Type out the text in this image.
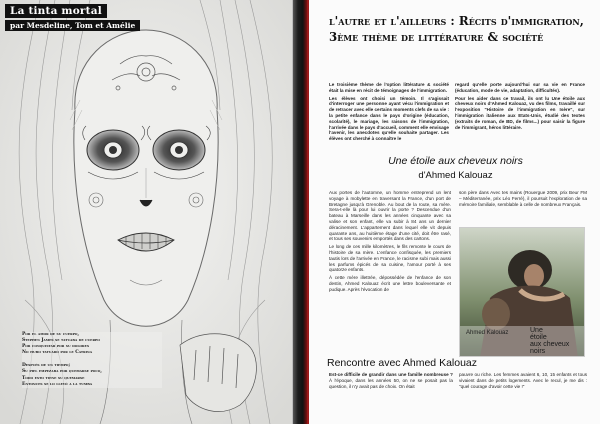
La tinta mortal
par Mesdeline, Tom et Amélie

Por el amor de su cuerpo,

Stephen James se tatuaba de cuerpo

Por conquistar por su dolores

No hubo tatuado por le Catrina

Después de un tiempo;

Su piel empezaba por quemarse poco,

Todo esto tiene su quemarse

Entonces se lo llevó a la tumba

l'autre et l'ailleurs : Récits d'immigration, 3ème thème de littérature & société

Le troisième thème de l'option littérature & société était la mise en récit de témoignages de l'immigration.

Les élèves ont choisi un témoin. Il s'agissait d'interroger une personne ayant vécu l'immigration et de retracer avec elle certains moments clefs de sa vie : la petite enfance dans le pays d'origine (éducation, scolarité), le mariage, les raisons de l'immigration, l'arrivée dans le pays d'accueil, comment elle envisage l'avenir, les anecdotes qu'elle souhaite partager. Les élèves ont cherché à connaître le

regard qu'elle porte aujourd'hui sur sa vie en France (éducation, mode de vie, adaptation, difficultés).

Pour les aider dans ce travail, ils ont lu Une étoile aux cheveux noirs d'Ahmed Kalouaz, vu des films, travaillé sur l'exposition "Histoire de l'immigration en Isère", sur l'immigration italienne aux Etats-Unis, étudié des textes (extraits de roman, de BD, de films...) pour saisir la figure de l'immigrant, héros littéraire.

Une étoile aux cheveux noirs
d'Ahmed Kalouaz

Aux portes de l'automne, un homme entreprend un lent voyage à mobylette en traversant la France, d'un port de Bretagne jusqu'à Grenoble. Au bout de la route, sa mère. Sera-t-elle là pour lui ouvrir la porte ? Descendue d'un bateau à Marseille dans les années cinquante avec sa valise et son enfant, elle va subir à 84 ans un dernier déracinement. L'appartement dans lequel elle vit depuis quarante ans, au huitième étage d'une cité, doit être rasé, et tous ses souvenirs emportés dans des cartons.

Le long de ces mille kilomètres, le fils remonte le cours de l'histoire de sa mère. L'enfance confisquée, les premiers tautis lors de l'arrivée en France, le racisme subi mais aussi les parfums épicés de sa cuisine, l'amour porté à ses quatorze enfants.

À cette mère illettrée, dépossédée de l'enfance de son destin, Ahmed Kalouaz écrit une lettre bouleversante et pudique. Après l'évocation de

son père dans Avec tes mains (Rouergue 2009, prix Beur FM – Méditerranée, prix Léo Ferré), il poursuit l'exploration de sa mémoire familiale, semblable à celle de nombreux Français.

Ahmed Kalouaz	Une
étoile
aux cheveux
noirs
Rencontre avec Ahmed Kalouaz

Est-ce difficile de grandir dans une famille nombreuse ? À l'époque, dans les années 50, on ne se posait pas la question, il n'y avait pas de choix. On était

pauvre ou riche. Les femmes avaient 6, 10, 15 enfants et tous vivaient dans de petits logements. Avec le recul, je me dis : "quel courage d'avoir cette vie !"
